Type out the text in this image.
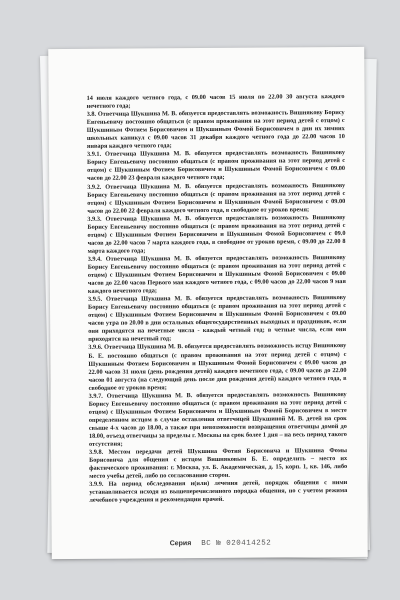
14 июля каждого четного года, с 09.00 часов 15 июля по 22.00 30 августа каждого нечетного года;

3.8. Ответчица Шукшина М. В. обязуется предоставлять возможность Вишнякову Борису Евгеньевичу постоянно общаться (с правом проживания на этот период детей с отцом) с Шукшиным Фотием Борисовичем и Шукшиным Фомой Борисовичем в дни их зимних школьных каникул с 09.00 часов 31 декабря каждого четного года до 22.00 часов 10 января каждого четного года;

3.9.1. Ответчица Шукшина М. В. обязуется предоставлять возможность Вишнякову Борису Евгеньевичу постоянно общаться (с правом проживания на этот период детей с отцом) с Шукшиным Фотием Борисовичем и Шукшиным Фомой Борисовичем с 09.00 часов до 22.00 23 февраля каждого четного года;

3.9.2. Ответчица Шукшина М. В. обязуется предоставлять возможность Вишнякову Борису Евгеньевичу постоянно общаться (с правом проживания на этот период детей с отцом) с Шукшиным Фотием Борисовичем и Шукшиным Фомой Борисовичем с 09.00 часов до 22.00 22 февраля каждого четного года, в свободное от уроков время;

3.9.3. Ответчица Шукшина М. В. обязуется предоставлять возможность Вишнякову Борису Евгеньевичу постоянно общаться (с правом проживания на этот период детей с отцом) с Шукшиным Фотием Борисовичем и Шукшиным Фомой Борисовичем с 09.0 часов до 22.00 часов 7 марта каждого года, в свободное от уроков время, с 09.00 до 22.00 8 марта каждого года;

3.9.4. Ответчица Шукшина М. В. обязуется предоставлять возможность Вишнякову Борису Евгеньевичу постоянно общаться (с правом проживания на этот период детей с отцом) с Шукшиным Фотием Борисовичем и Шукшиным Фомой Борисовичем с 09.00 часов до 22.00 часов Первого мая каждого четного года, с 09.00 часов до 22.00 часов 9 мая каждого нечетного года;

3.9.5. Ответчица Шукшина М. В. обязуется предоставлять возможность Вишнякову Борису Евгеньевичу постоянно общаться (с правом проживания на этот период детей с отцом) с Шукшиным Фотием Борисовичем и Шукшиным Фомой Борисовичем с 09.00 часов утра по 20.00 в дни остальных общегосударственных выходных и праздников, если они приходятся на нечетные числа - каждый четный год; в четные числа, если они приходятся на нечетный год;

3.9.6. Ответчица Шукшина М. В. обязуется предоставлять возможность истцу Вишнякову Б. Е. постоянно общаться (с правом проживания на этот период детей с отцом) с Шукшиным Фотием Борисовичем и Шукшиным Фомой Борисовичем с 09.00 часов до 22.00 часов 31 июля (день рождения детей) каждого нечетного года, с 09.00 часов до 22.00 часов 01 августа (на следующий день после дня рождения детей) каждого четного года, в свободное от уроков время;

3.9.7. Ответчица Шукшина М. В. обязуется предоставлять возможность Вишнякову Борису Евгеньевичу постоянно общаться (с правом проживания на этот период детей с отцом) с Шукшиным Фотием Борисовичем и Шукшиным Фомой Борисовичем в месте определенном истцом в случае оставления ответчицей Шукшиной М. В. детей на срок свыше 4-х часов до 18.00, а также при невозможности возвращения ответчицы домой до 18.00, отъезд ответчицы за пределы г. Москвы на срок более 1 дня – на весь период такого отсутствия;

3.9.8. Местом передачи детей Шукшина Фотия Борисовича и Шукшина Фомы Борисовича для общения с истцом Вишняковым Б. Е. определить – место их фактического проживания: г. Москва, ул. Б. Академическая, д. 15, корп. 1, кв. 146, либо место учебы детей, либо по согласованию сторон.

3.9.9. На период обследования и(или) лечения детей, порядок общения с ними устанавливается исходя из вышеперечисленного порядка общения, но с учетом режима лечебного учреждения и рекомендации врачей.

Серия ВС № 020414252
